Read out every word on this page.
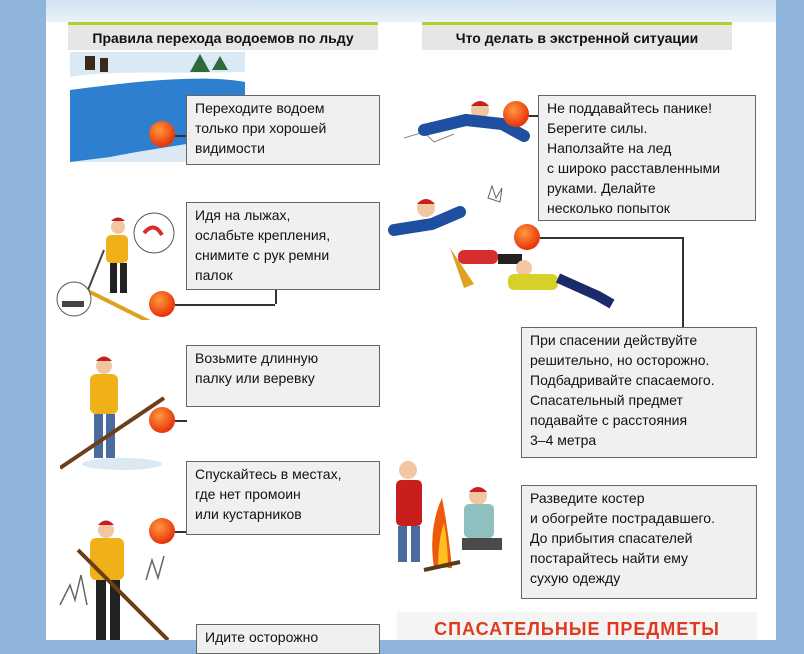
Правила перехода водоемов по льду	Что делать в экстренной ситуации
Переходите водоем
только при хорошей
видимости
Идя на лыжах,
ослабьте крепления,
снимите с рук ремни
палок
Возьмите длинную
палку или веревку
Спускайтесь в местах,
где нет промоин
или кустарников
Идите осторожно
Не поддавайтесь панике!
Берегите силы.
Наползайте на лед
с широко расставленными
руками. Делайте
несколько попыток
При спасении действуйте
решительно, но осторожно.
Подбадривайте спасаемого.
Спасательный предмет
подавайте с расстояния
3–4 метра
Разведите костер
и обогрейте пострадавшего.
До прибытия спасателей
постарайтесь найти ему
сухую одежду
СПАСАТЕЛЬНЫЕ ПРЕДМЕТЫ
